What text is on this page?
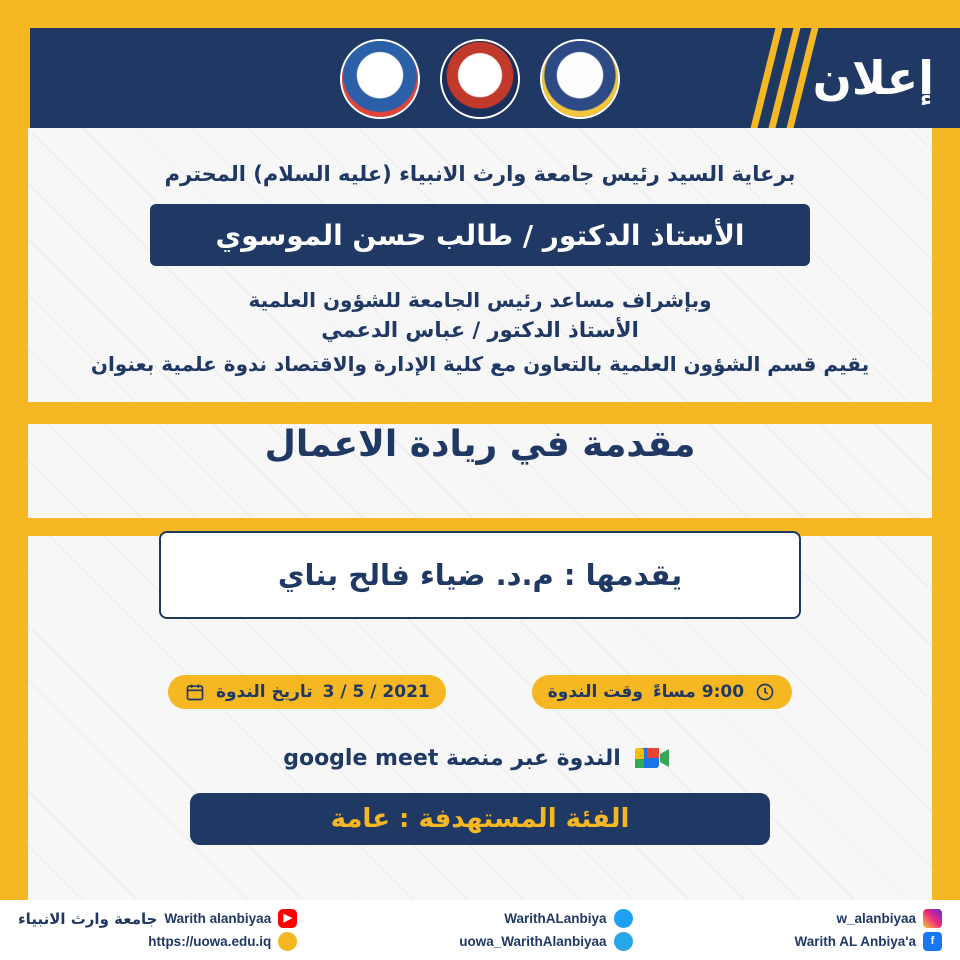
إعلان
برعاية السيد رئيس جامعة وارث الانبياء (عليه السلام) المحترم
الأستاذ الدكتور / طالب حسن الموسوي
وبإشراف مساعد رئيس الجامعة للشؤون العلمية
الأستاذ الدكتور / عباس الدعمي
يقيم قسم الشؤون العلمية بالتعاون مع كلية الإدارة والاقتصاد ندوة علمية بعنوان
مقدمة في ريادة الاعمال
يقدمها : م.د. ضياء فالح بناي
9:00 مساءً
وقت الندوة
2021 / 5 / 3
تاريخ الندوة
الندوة عبر منصة google meet
الفئة المستهدفة : عامة
w_alanbiyaa
f
Warith AL Anbiya'a
WarithALanbiya
uowa_WarithAlanbiyaa
▶
Warith alanbiyaa
جامعة وارث الانبياء
https://uowa.edu.iq
